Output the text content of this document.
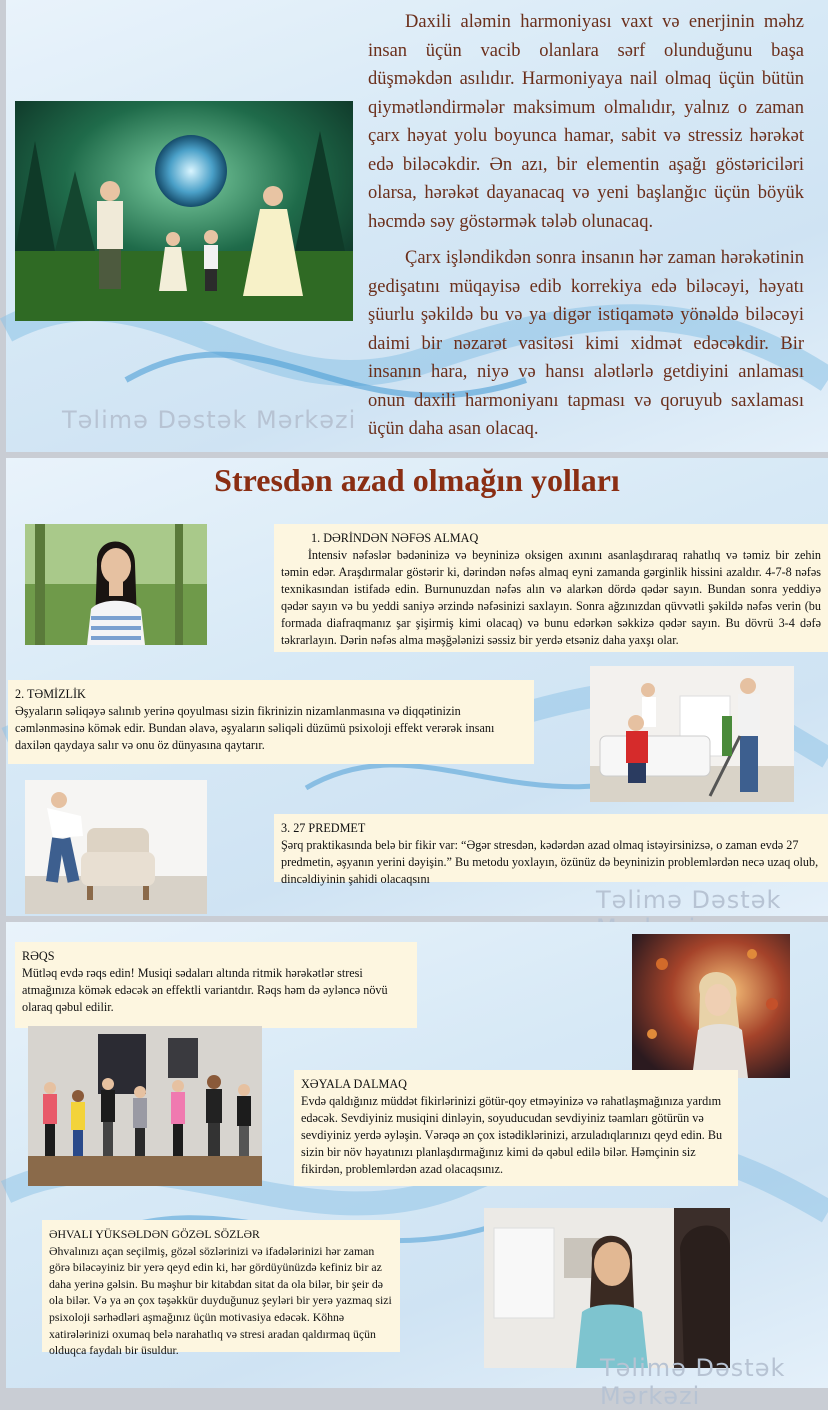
Daxili aləmin harmoniyası vaxt və enerjinin məhz insan üçün vacib olanlara sərf olunduğunu başa düşməkdən asılıdır. Harmoniyaya nail olmaq üçün bütün qiymətləndirmələr maksimum olmalıdır, yalnız o zaman çarx həyat yolu boyunca hamar, sabit və stressiz hərəkət edə biləcəkdir. Ən azı, bir elementin aşağı göstəriciləri olarsa, hərəkət dayanacaq və yeni başlanğıc üçün böyük həcmdə səy göstərmək tələb olunacaq.

Çarx işləndikdən sonra insanın hər zaman hərəkətinin gedişatını müqayisə edib korrekiya edə biləcəyi, həyatı şüurlu şəkildə bu və ya digər istiqamətə yönəldə biləcəyi daimi bir nəzarət vasitəsi kimi xidmət edəcəkdir. Bir insanın hara, niyə və hansı alətlərlə getdiyini anlaması onun daxili harmoniyanı tapması və qoruyub saxlaması üçün daha asan olacaq.

Təlimə Dəstək Mərkəzi
Stresdən azad olmağın yolları

1. DƏRİNDƏN NƏFƏS ALMAQ

İntensiv nəfəslər bədəninizə və beyninizə oksigen axınını asanlaşdıraraq rahatlıq və təmiz bir zehin təmin edər. Araşdırmalar göstərir ki, dərindən nəfəs almaq eyni zamanda gərginlik hissini azaldır. 4-7-8 nəfəs texnikasından istifadə edin. Burnunuzdan nəfəs alın və alarkən dördə qədər sayın. Bundan sonra yeddiyə qədər sayın və bu yeddi saniyə ərzində nəfəsinizi saxlayın. Sonra ağzınızdan qüvvətli şəkildə nəfəs verin (bu formada diafraqmanız şar şişirmiş kimi olacaq) və bunu edərkən səkkizə qədər sayın. Bu dövrü 3-4 dəfə təkrarlayın. Dərin nəfəs alma məşğələnizi səssiz bir yerdə etsəniz daha yaxşı olar.

2. TƏMİZLİK

Əşyaların səliqəyə salınıb yerinə qoyulması sizin fikrinizin nizamlanmasına və diqqətinizin cəmlənməsinə kömək edir. Bundan əlavə, əşyaların səliqəli düzümü psixoloji effekt verərək insanı daxilən qaydaya salır və onu öz dünyasına qaytarır.

3. 27 PREDMET

Şərq praktikasında belə bir fikir var: “Əgər stresdən, kədərdən azad olmaq istəyirsinizsə, o zaman evdə 27 predmetin, əşyanın yerini dəyişin.” Bu metodu yoxlayın, özünüz də beyninizin problemlərdən necə uzaq olub, dincəldiyinin şahidi olacaqsını

Təlimə Dəstək

RƏQS

Mütləq evdə rəqs edin! Musiqi sədaları altında ritmik hərəkətlər stresi atmağınıza kömək edəcək ən effektli variantdır. Rəqs həm də əyləncə növü olaraq qəbul edilir.

XƏYALA DALMAQ

Evdə qaldığınız müddət fikirlərinizi götür-qoy etməyinizə və rahatlaşmağınıza yardım edəcək. Sevdiyiniz musiqini dinləyin, soyuducudan sevdiyiniz təamları götürün və sevdiyiniz yerdə əyləşin. Vərəqə ən çox istədiklərinizi, arzuladıqlarınızı qeyd edin. Bu sizin bir növ həyatınızı planlaşdırmağınız kimi də qəbul edilə bilər. Həmçinin siz fikirdən, problemlərdən azad olacaqsınız.

ƏHVALI YÜKSƏLDƏN GÖZƏL SÖZLƏR

Əhvalınızı açan seçilmiş, gözəl sözlərinizi və ifadələrinizi hər zaman görə biləcəyiniz bir yerə qeyd edin ki, hər gördüyünüzdə kefiniz bir az daha yerinə gəlsin. Bu məşhur bir kitabdan sitat da ola bilər, bir şeir də ola bilər. Və ya ən çox təşəkkür duyduğunuz şeyləri bir yerə yazmaq sizi psixoloji sərhədləri aşmağınız üçün motivasiya edəcək. Köhnə xatirələrinizi oxumaq belə narahatlıq və stresi aradan qaldırmaq üçün olduqca faydalı bir üsuldur.

Təlimə Dəstək Mərkəzi
